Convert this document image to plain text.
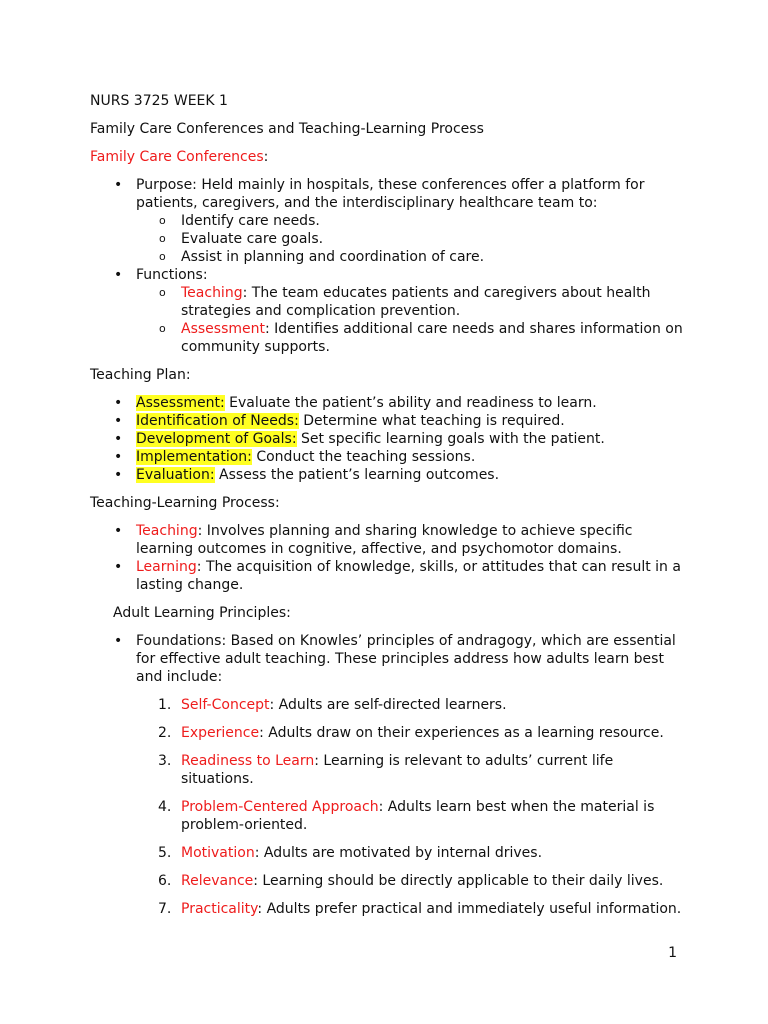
NURS 3725 WEEK 1

Family Care Conferences and Teaching-Learning Process

Family Care Conferences:

• Purpose: Held mainly in hospitals, these conferences offer a platform for patients, caregivers, and the interdisciplinary healthcare team to:
o Identify care needs.
o Evaluate care goals.
o Assist in planning and coordination of care.
• Functions:
o Teaching: The team educates patients and caregivers about health strategies and complication prevention.
o Assessment: Identifies additional care needs and shares information on community supports.

Teaching Plan:

• Assessment: Evaluate the patient’s ability and readiness to learn.
• Identification of Needs: Determine what teaching is required.
• Development of Goals: Set specific learning goals with the patient.
• Implementation: Conduct the teaching sessions.
• Evaluation: Assess the patient’s learning outcomes.

Teaching-Learning Process:

• Teaching: Involves planning and sharing knowledge to achieve specific learning outcomes in cognitive, affective, and psychomotor domains.
• Learning: The acquisition of knowledge, skills, or attitudes that can result in a lasting change.

Adult Learning Principles:

• Foundations: Based on Knowles’ principles of andragogy, which are essential for effective adult teaching. These principles address how adults learn best and include:
1. Self-Concept: Adults are self-directed learners.
2. Experience: Adults draw on their experiences as a learning resource.
3. Readiness to Learn: Learning is relevant to adults’ current life situations.
4. Problem-Centered Approach: Adults learn best when the material is problem-oriented.
5. Motivation: Adults are motivated by internal drives.
6. Relevance: Learning should be directly applicable to their daily lives.
7. Practicality: Adults prefer practical and immediately useful information.
1
